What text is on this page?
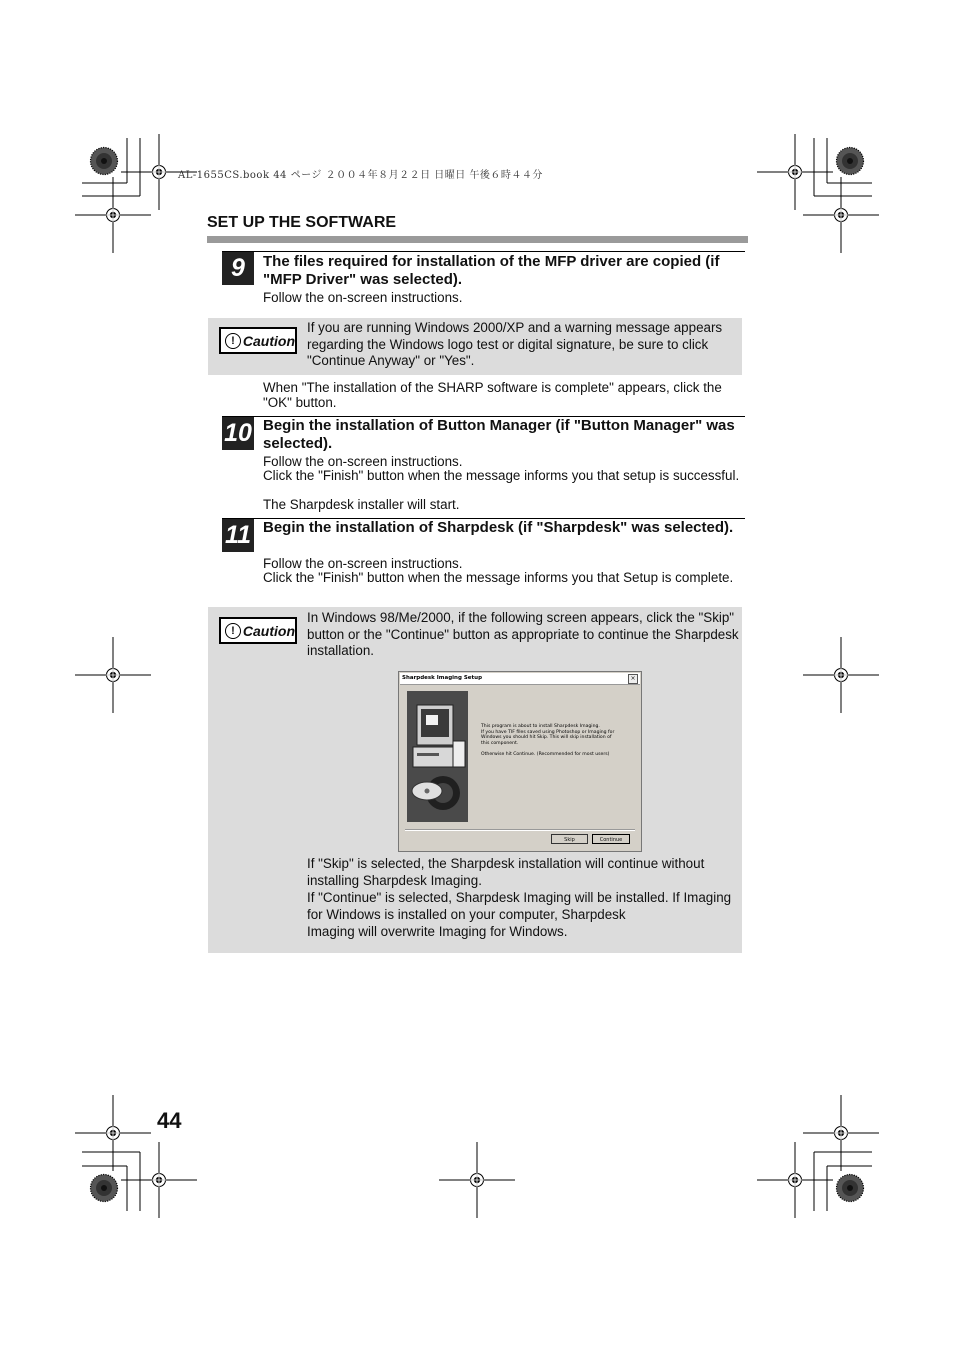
AL-1655CS.book 44 ページ ２００４年８月２２日 日曜日 午後６時４４分
SET UP THE SOFTWARE
9	The files required for installation of the MFP driver are copied (if "MFP Driver" was selected).
Follow the on-screen instructions.
! Caution
If you are running Windows 2000/XP and a warning message appears regarding the Windows logo test or digital signature, be sure to click "Continue Anyway" or "Yes".
When "The installation of the SHARP software is complete" appears, click the "OK" button.
10 Begin the installation of Button Manager (if "Button Manager" was selected).
Follow the on-screen instructions.
Click the "Finish" button when the message informs you that setup is successful.
The Sharpdesk installer will start.
11 Begin the installation of Sharpdesk (if "Sharpdesk" was selected).
Follow the on-screen instructions.
Click the "Finish" button when the message informs you that Setup is complete.
! Caution
In Windows 98/Me/2000, if the following screen appears, click the "Skip" button or the "Continue" button as appropriate to continue the Sharpdesk installation.
Sharpdesk Imaging Setup	×
This program is about to install Sharpdesk Imaging.
If you have TIF files saved using Photoshop or Imaging for
Windows you should hit Skip. This will skip installation of
this component.
Otherwise hit Continue. (Recommended for most users)
Skip	Continue
If "Skip" is selected, the Sharpdesk installation will continue without installing Sharpdesk Imaging.
If "Continue" is selected, Sharpdesk Imaging will be installed. If Imaging for Windows is installed on your computer, Sharpdesk
Imaging will overwrite Imaging for Windows.
44
